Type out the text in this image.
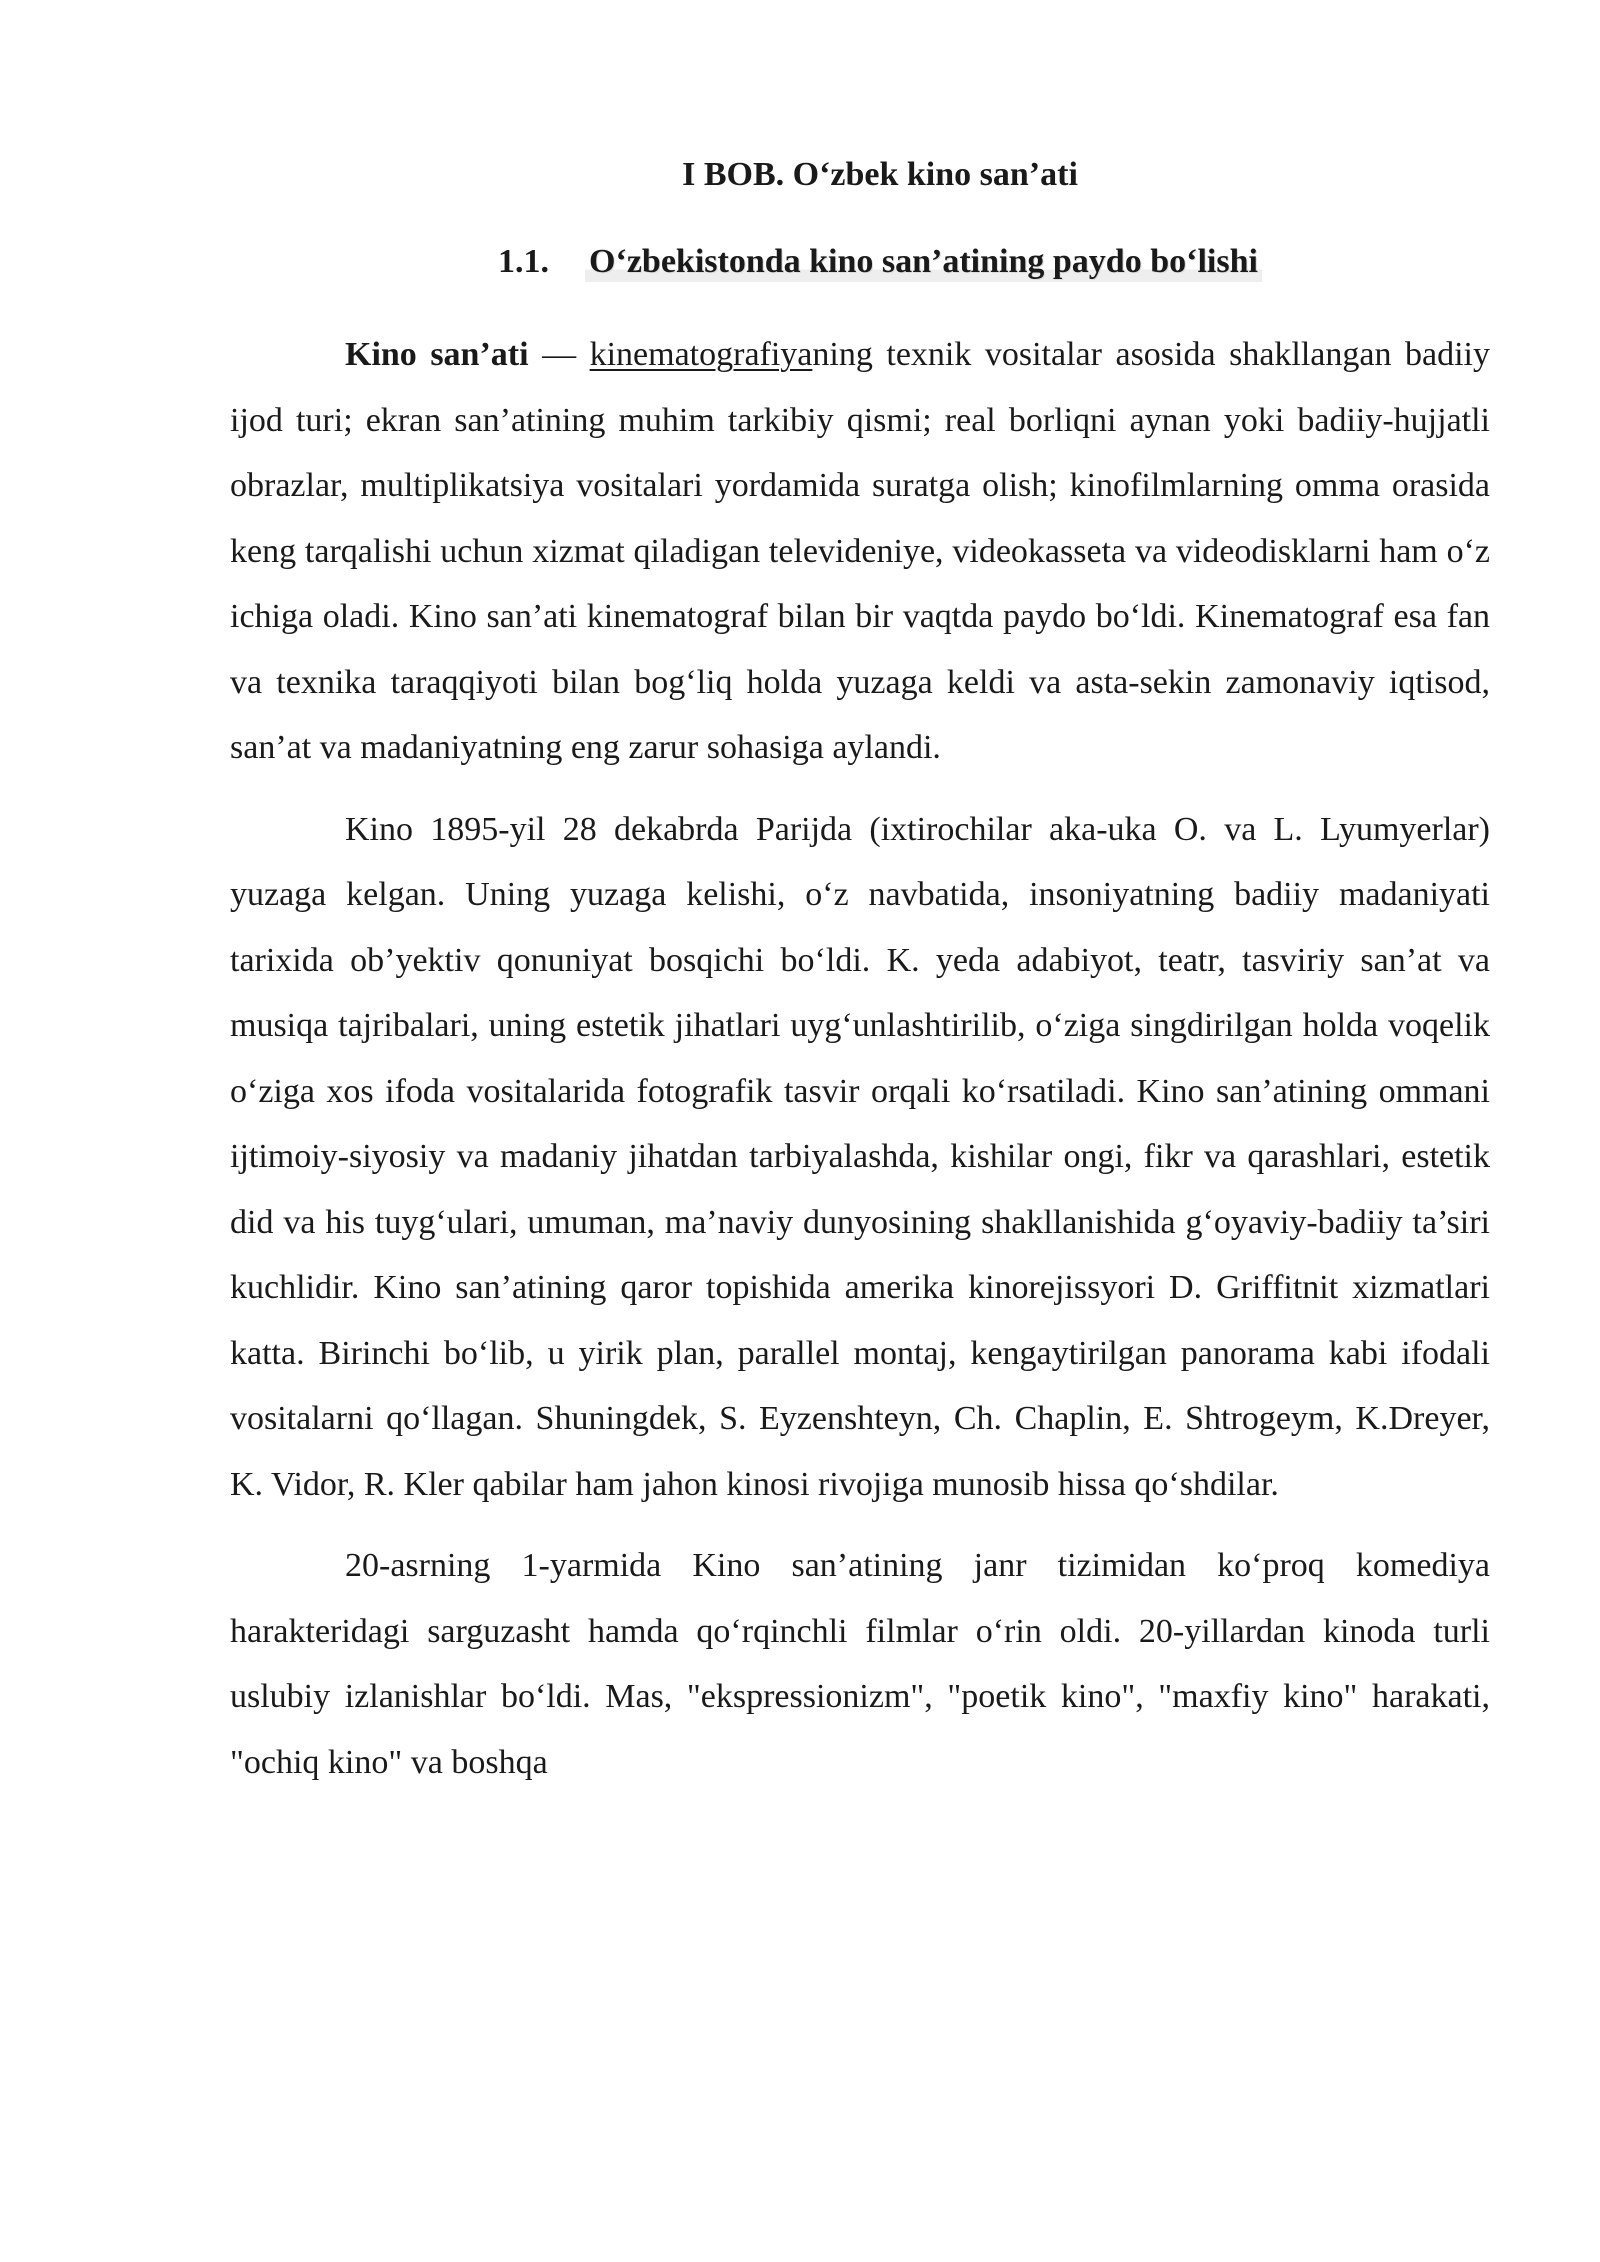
I BOB. O‘zbek kino san’ati
1.1. O‘zbekistonda kino san’atining paydo bo‘lishi

Kino san’ati — kinematografiyaning texnik vositalar asosida shakllangan badiiy ijod turi; ekran san’atining muhim tarkibiy qismi; real borliqni aynan yoki badiiy-hujjatli obrazlar, multiplikatsiya vositalari yordamida suratga olish; kinofilmlarning omma orasida keng tarqalishi uchun xizmat qiladigan televideniye, videokasseta va videodisklarni ham o‘z ichiga oladi. Kino san’ati kinematograf bilan bir vaqtda paydo bo‘ldi. Kinematograf esa fan va texnika taraqqiyoti bilan bog‘liq holda yuzaga keldi va asta-sekin zamonaviy iqtisod, san’at va madaniyatning eng zarur sohasiga aylandi.

Kino 1895-yil 28 dekabrda Parijda (ixtirochilar aka-uka O. va L. Lyumyerlar) yuzaga kelgan. Uning yuzaga kelishi, o‘z navbatida, insoniyatning badiiy madaniyati tarixida ob’yektiv qonuniyat bosqichi bo‘ldi. K. yeda adabiyot, teatr, tasviriy san’at va musiqa tajribalari, uning estetik jihatlari uyg‘unlashtirilib, o‘ziga singdirilgan holda voqelik o‘ziga xos ifoda vositalarida fotografik tasvir orqali ko‘rsatiladi. Kino san’atining ommani ijtimoiy-siyosiy va madaniy jihatdan tarbiyalashda, kishilar ongi, fikr va qarashlari, estetik did va his tuyg‘ulari, umuman, ma’naviy dunyosining shakllanishida g‘oyaviy-badiiy ta’siri kuchlidir. Kino san’atining qaror topishida amerika kinorejissyori D. Griffitnit xizmatlari katta. Birinchi bo‘lib, u yirik plan, parallel montaj, kengaytirilgan panorama kabi ifodali vositalarni qo‘llagan. Shuningdek, S. Eyzenshteyn, Ch. Chaplin, E. Shtrogeym, K.Dreyer, K. Vidor, R. Kler qabilar ham jahon kinosi rivojiga munosib hissa qo‘shdilar.

20-asrning 1-yarmida Kino san’atining janr tizimidan ko‘proq komediya harakteridagi sarguzasht hamda qo‘rqinchli filmlar o‘rin oldi. 20-yillardan kinoda turli uslubiy izlanishlar bo‘ldi. Mas, "ekspressionizm", "poetik kino", "maxfiy kino" harakati, "ochiq kino" va boshqa
